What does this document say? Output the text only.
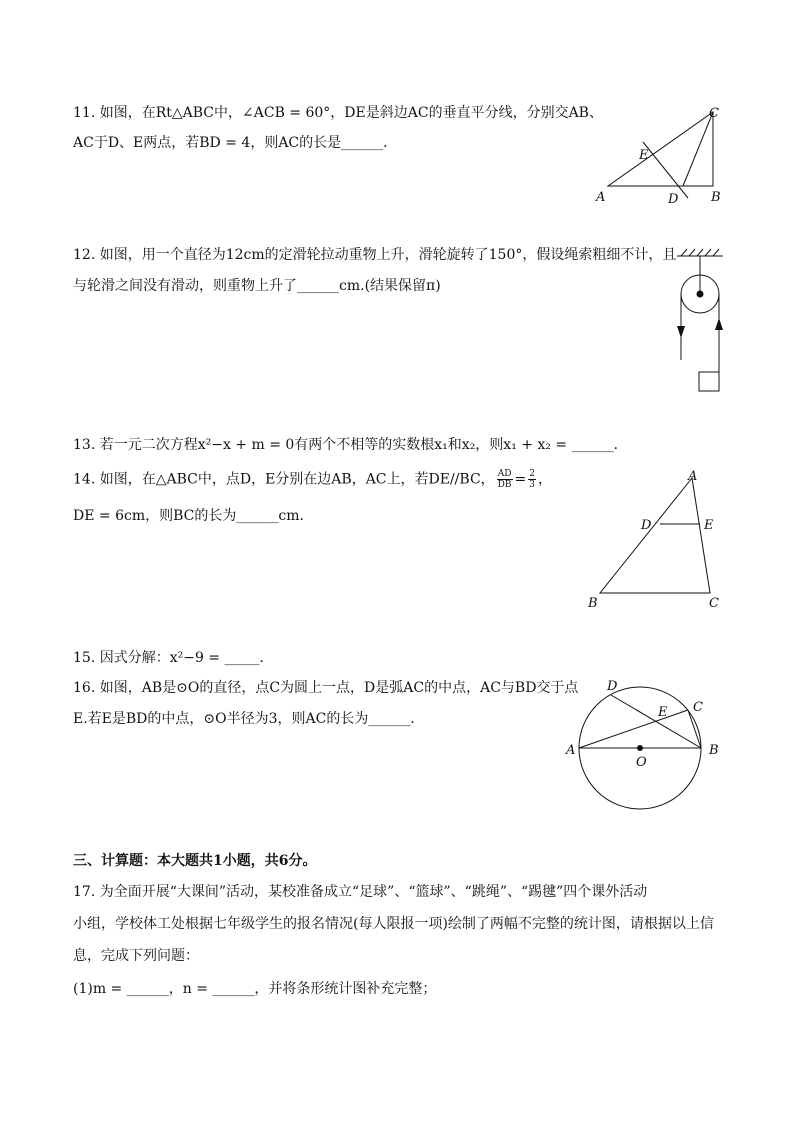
11. 如图，在Rt△ABC中，∠ACB = 60°，DE是斜边AC的垂直平分线，分别交AB、
AC于D、E两点，若BD = 4，则AC的长是______．
A	B
C
D
E
12. 如图，用一个直径为12cm的定滑轮拉动重物上升，滑轮旋转了150°，假设绳索粗细不计，且
与轮滑之间没有滑动，则重物上升了______cm.(结果保留π)
13. 若一元二次方程x²−x + m = 0有两个不相等的实数根x₁和x₂，则x₁ + x₂ = ______．
14. 如图，在△ABC中，点D，E分别在边AB，AC上，若DE//BC， $\frac{AD}{DB} = \frac{2}{3}$ ，
DE = 6cm，则BC的长为______cm．
A
B	C
D	E
15. 因式分解：x²−9 = _____．
16. 如图，AB是⊙O的直径，点C为圆上一点，D是弧AC的中点，AC与BD交于点
E.若E是BD的中点，⊙O半径为3，则AC的长为______．
A	B
C
D
E
O
三、计算题：本大题共1小题，共6分。
17. 为全面开展“大课间”活动，某校准备成立“足球”、“篮球”、“跳绳”、“踢毽”四个课外活动
小组，学校体工处根据七年级学生的报名情况(每人限报一项)绘制了两幅不完整的统计图，请根据以上信
息，完成下列问题：
(1)m = ______，n = ______，并将条形统计图补充完整；
